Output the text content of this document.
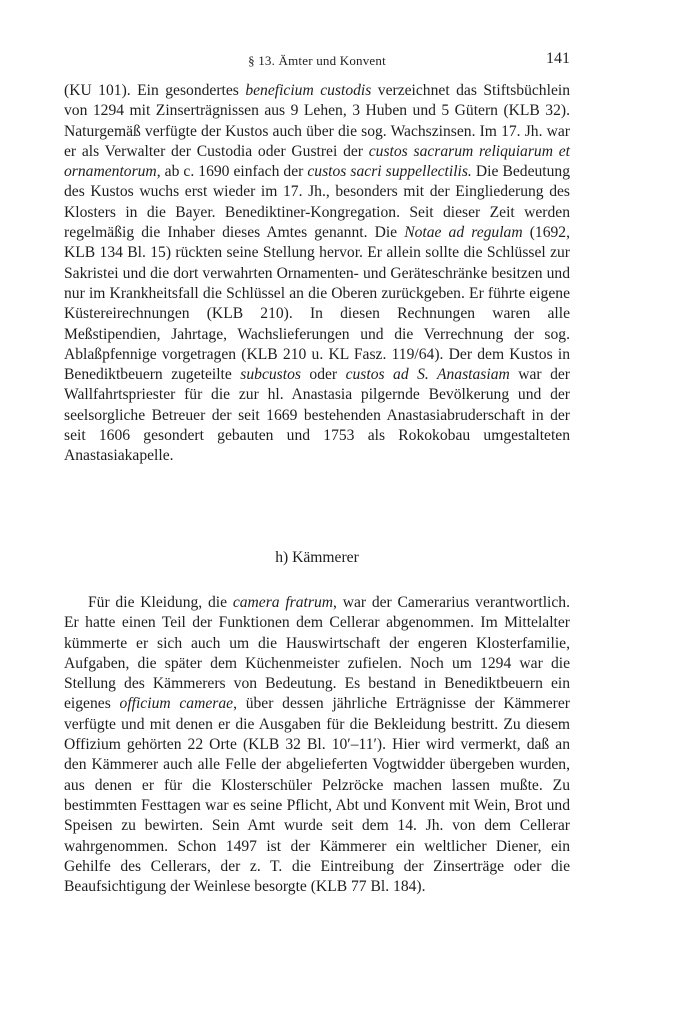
§ 13. Ämter und Konvent	141

(KU 101). Ein gesondertes beneficium custodis verzeichnet das Stiftsbüchlein von 1294 mit Zinserträgnissen aus 9 Lehen, 3 Huben und 5 Gütern (KLB 32). Naturgemäß verfügte der Kustos auch über die sog. Wachszinsen. Im 17. Jh. war er als Verwalter der Custodia oder Gustrei der custos sacrarum reliquiarum et ornamentorum, ab c. 1690 einfach der custos sacri suppellectilis. Die Bedeutung des Kustos wuchs erst wieder im 17. Jh., besonders mit der Eingliederung des Klosters in die Bayer. Benediktiner-Kongregation. Seit dieser Zeit werden regelmäßig die Inhaber dieses Amtes genannt. Die Notae ad regulam (1692, KLB 134 Bl. 15) rückten seine Stellung hervor. Er allein sollte die Schlüssel zur Sakristei und die dort verwahrten Ornamenten- und Geräteschränke besitzen und nur im Krankheitsfall die Schlüssel an die Oberen zurückgeben. Er führte eigene Küstereirechnungen (KLB 210). In diesen Rechnungen waren alle Meßstipendien, Jahrtage, Wachslieferungen und die Verrechnung der sog. Ablaßpfennige vorgetragen (KLB 210 u. KL Fasz. 119/64). Der dem Kustos in Benediktbeuern zugeteilte subcustos oder custos ad S. Anastasiam war der Wallfahrtspriester für die zur hl. Anastasia pilgernde Bevölkerung und der seelsorgliche Betreuer der seit 1669 bestehenden Anastasiabruderschaft in der seit 1606 gesondert gebauten und 1753 als Rokokobau umgestalteten Anastasiakapelle.

h) Kämmerer

Für die Kleidung, die camera fratrum, war der Camerarius verantwortlich. Er hatte einen Teil der Funktionen dem Cellerar abgenommen. Im Mittelalter kümmerte er sich auch um die Hauswirtschaft der engeren Klosterfamilie, Aufgaben, die später dem Küchenmeister zufielen. Noch um 1294 war die Stellung des Kämmerers von Bedeutung. Es bestand in Benediktbeuern ein eigenes officium camerae, über dessen jährliche Erträgnisse der Kämmerer verfügte und mit denen er die Ausgaben für die Bekleidung bestritt. Zu diesem Offizium gehörten 22 Orte (KLB 32 Bl. 10′–11′). Hier wird vermerkt, daß an den Kämmerer auch alle Felle der abgelieferten Vogtwidder übergeben wurden, aus denen er für die Klosterschüler Pelzröcke machen lassen mußte. Zu bestimmten Festtagen war es seine Pflicht, Abt und Konvent mit Wein, Brot und Speisen zu bewirten. Sein Amt wurde seit dem 14. Jh. von dem Cellerar wahrgenommen. Schon 1497 ist der Kämmerer ein weltlicher Diener, ein Gehilfe des Cellerars, der z. T. die Eintreibung der Zinserträge oder die Beaufsichtigung der Weinlese besorgte (KLB 77 Bl. 184).
